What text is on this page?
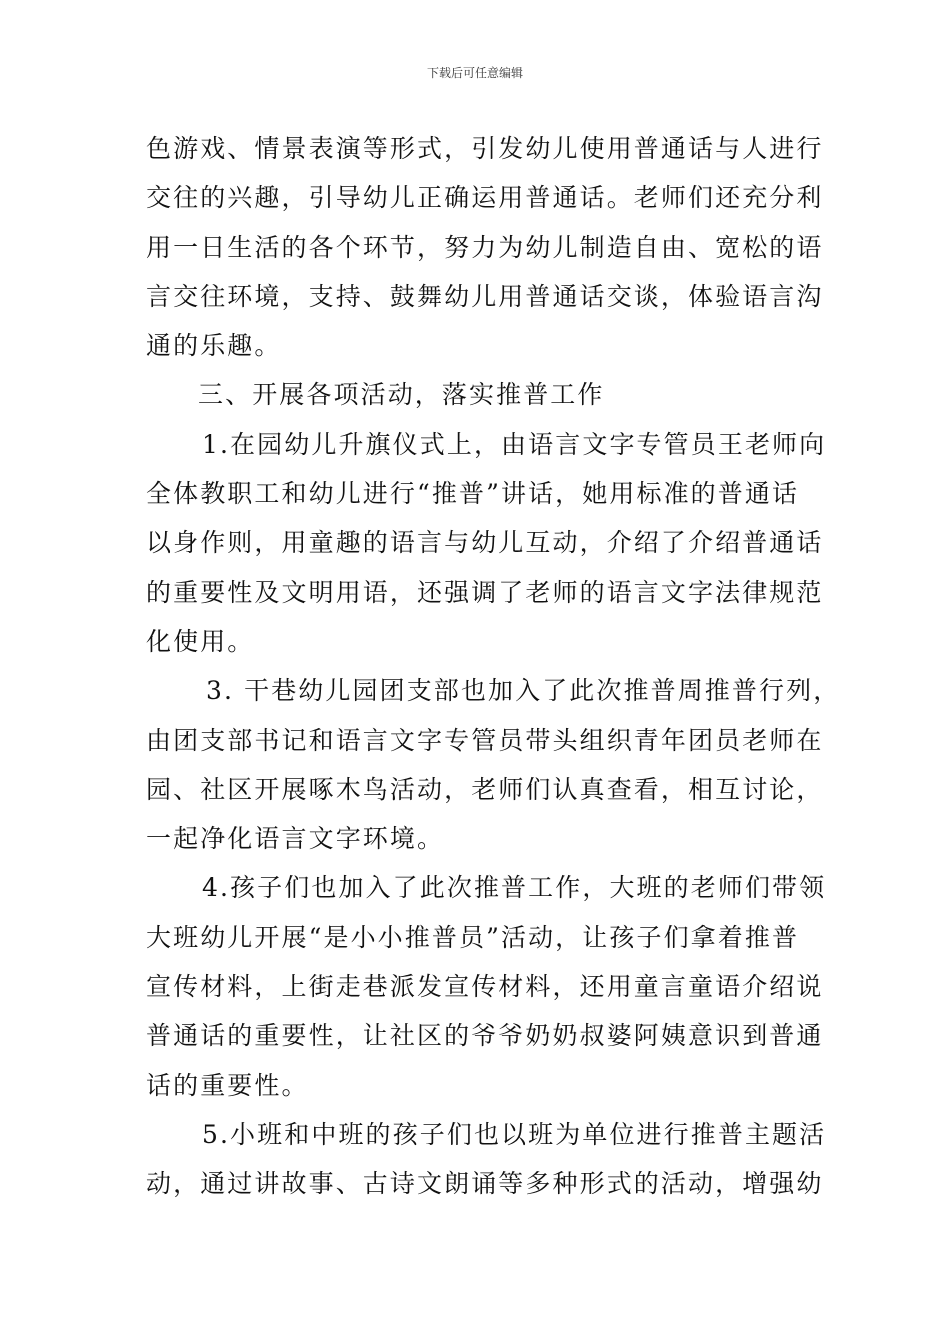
下载后可任意编辑

色游戏、情景表演等形式，引发幼儿使用普通话与人进行

交往的兴趣，引导幼儿正确运用普通话。老师们还充分利

用一日生活的各个环节，努力为幼儿制造自由、宽松的语

言交往环境，支持、鼓舞幼儿用普通话交谈，体验语言沟

通的乐趣。

三、开展各项活动，落实推普工作

1.在园幼儿升旗仪式上，由语言文字专管员王老师向

全体教职工和幼儿进行“推普”讲话，她用标准的普通话

以身作则，用童趣的语言与幼儿互动，介绍了介绍普通话

的重要性及文明用语，还强调了老师的语言文字法律规范

化使用。

3. 干巷幼儿园团支部也加入了此次推普周推普行列，

由团支部书记和语言文字专管员带头组织青年团员老师在

园、社区开展啄木鸟活动，老师们认真查看，相互讨论，

一起净化语言文字环境。

4.孩子们也加入了此次推普工作，大班的老师们带领

大班幼儿开展“是小小推普员”活动，让孩子们拿着推普

宣传材料，上街走巷派发宣传材料，还用童言童语介绍说

普通话的重要性，让社区的爷爷奶奶叔婆阿姨意识到普通

话的重要性。

5.小班和中班的孩子们也以班为单位进行推普主题活

动，通过讲故事、古诗文朗诵等多种形式的活动，增强幼
